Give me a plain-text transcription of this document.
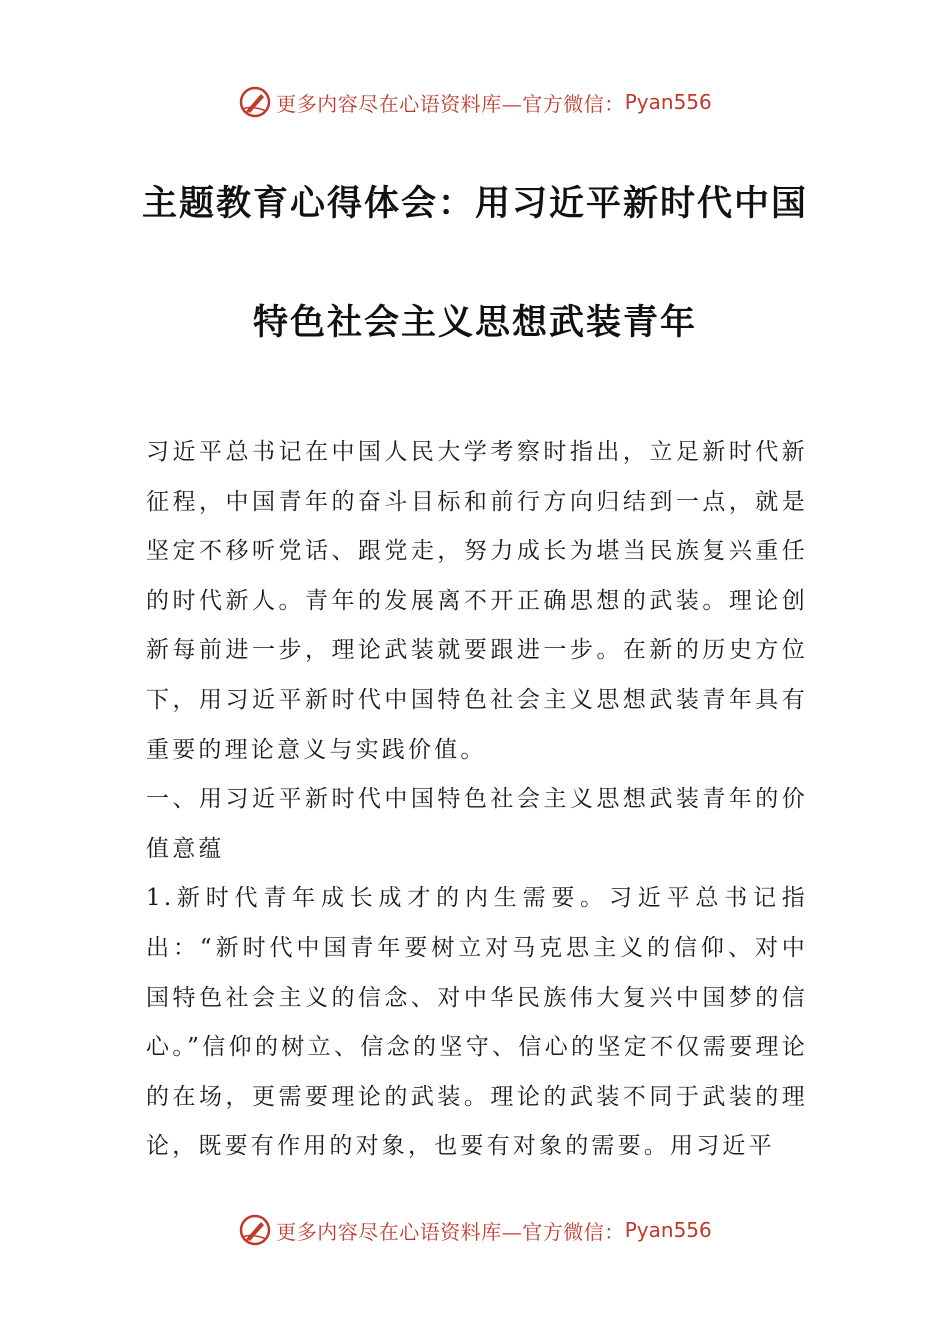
更多内容尽在心语资料库—官方微信： Pyan556
主题教育心得体会：用习近平新时代中国
特色社会主义思想武装青年

习近平总书记在中国人民大学考察时指出，立足新时代新征程，中国青年的奋斗目标和前行方向归结到一点，就是坚定不移听党话、跟党走，努力成长为堪当民族复兴重任的时代新人。青年的发展离不开正确思想的武装。理论创新每前进一步，理论武装就要跟进一步。在新的历史方位下，用习近平新时代中国特色社会主义思想武装青年具有重要的理论意义与实践价值。

一、用习近平新时代中国特色社会主义思想武装青年的价值意蕴

1.新时代青年成长成才的内生需要。习近平总书记指出：“新时代中国青年要树立对马克思主义的信仰、对中国特色社会主义的信念、对中华民族伟大复兴中国梦的信心。”信仰的树立、信念的坚守、信心的坚定不仅需要理论的在场，更需要理论的武装。理论的武装不同于武装的理论，既要有作用的对象，也要有对象的需要。用习近平

更多内容尽在心语资料库—官方微信： Pyan556
